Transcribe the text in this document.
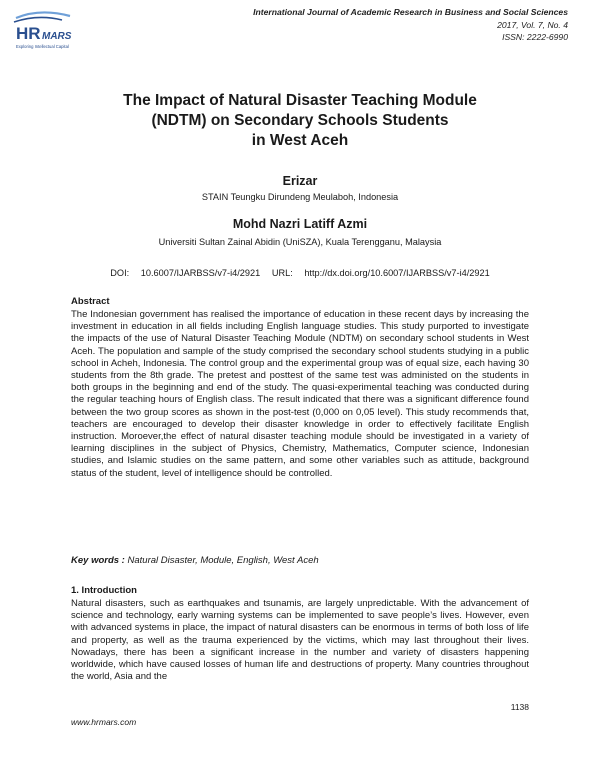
HR MARS
Exploring Intellectual Capital
International Journal of Academic Research in Business and Social Sciences
2017, Vol. 7, No. 4
ISSN: 2222-6990
The Impact of Natural Disaster Teaching Module
(NDTM) on Secondary Schools Students
in West Aceh
Erizar
STAIN Teungku Dirundeng Meulaboh, Indonesia
Mohd Nazri Latiff Azmi
Universiti Sultan Zainal Abidin (UniSZA), Kuala Terengganu, Malaysia
DOI: 10.6007/IJARBSS/v7-i4/2921 URL: http://dx.doi.org/10.6007/IJARBSS/v7-i4/2921
Abstract

The Indonesian government has realised the importance of education in these recent days by increasing the investment in education in all fields including English language studies. This study purported to investigate the impacts of the use of Natural Disaster Teaching Module (NDTM) on secondary school students in West Aceh. The population and sample of the study comprised the secondary school students studying in a public school in Acheh, Indonesia. The control group and the experimental group was of equal size, each having 30 students from the 8th grade. The pretest and posttest of the same test was administed on the students in both groups in the beginning and end of the study. The quasi-experimental teaching was conducted during the regular teaching hours of English class. The result indicated that there was a significant difference found between the two group scores as shown in the post-test (0,000 on 0,05 level). This study recommends that, teachers are encouraged to develop their disaster knowledge in order to effectively facilitate English instruction. Moroever,the effect of natural disaster teaching module should be investigated in a variety of learning disciplines in the subject of Physics, Chemistry, Mathematics, Computer science, Indonesian studies, and Islamic studies on the same pattern, and some other variables such as attitude, background status of the student, level of intelligence should be controlled.

Key words : Natural Disaster, Module, English, West Aceh
1. Introduction

Natural disasters, such as earthquakes and tsunamis, are largely unpredictable. With the advancement of science and technology, early warning systems can be implemented to save people’s lives. However, even with advanced systems in place, the impact of natural disasters can be enormous in terms of both loss of life and property, as well as the trauma experienced by the victims, which may last throughout their lives. Nowadays, there has been a significant increase in the number and variety of disasters happening worldwide, which have caused losses of human life and destructions of property. Many countries throughout the world, Asia and the

1138
www.hrmars.com
